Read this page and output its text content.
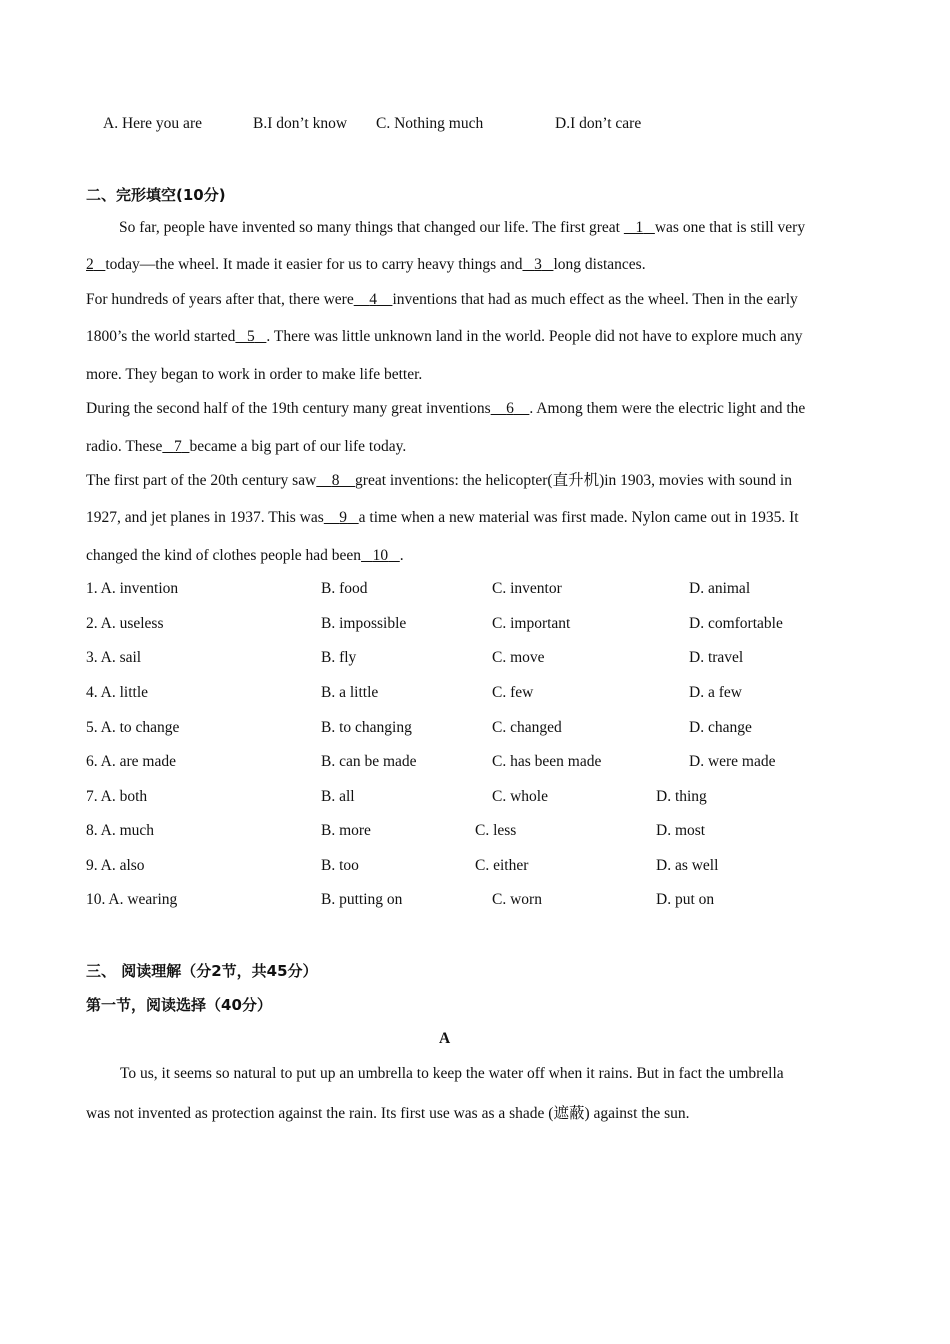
A. Here you are	B.I don’t know C. Nothing much	D.I don’t care
二、完形填空(10分)
So far, people have invented so many things that changed our life. The first great 1 was one that is still very
2 today—the wheel. It made it easier for us to carry heavy things and 3 long distances.
For hundreds of years after that, there were 4 inventions that had as much effect as the wheel. Then in the early
1800’s the world started 5 . There was little unknown land in the world. People did not have to explore much any
more. They began to work in order to make life better.
During the second half of the 19th century many great inventions 6 . Among them were the electric light and the
radio. These 7 became a big part of our life today.
The first part of the 20th century saw 8 great inventions: the helicopter(直升机)in 1903, movies with sound in
1927, and jet planes in 1937. This was 9 a time when a new material was first made. Nylon came out in 1935. It
changed the kind of clothes people had been 10 .
1. A. invention	B. food	C. inventor	D. animal
2. A. useless	B. impossible	C. important	D. comfortable
3. A. sail	B. fly	C. move	D. travel
4. A. little	B. a little	C. few	D. a few
5. A. to change	B. to changing	C. changed	D. change
6. A. are made	B. can be made	C. has been made	D. were made
7. A. both	B. all	C. whole	D. thing
8. A. much	B. more	C. less	D. most
9. A. also	B. too	C. either	D. as well
10. A. wearing	B. putting on	C. worn	D. put on
三、 阅读理解（分2节，共45分）
第一节，阅读选择（40分）
A
To us, it seems so natural to put up an umbrella to keep the water off when it rains. But in fact the umbrella
was not invented as protection against the rain. Its first use was as a shade (遮蔽) against the sun.
